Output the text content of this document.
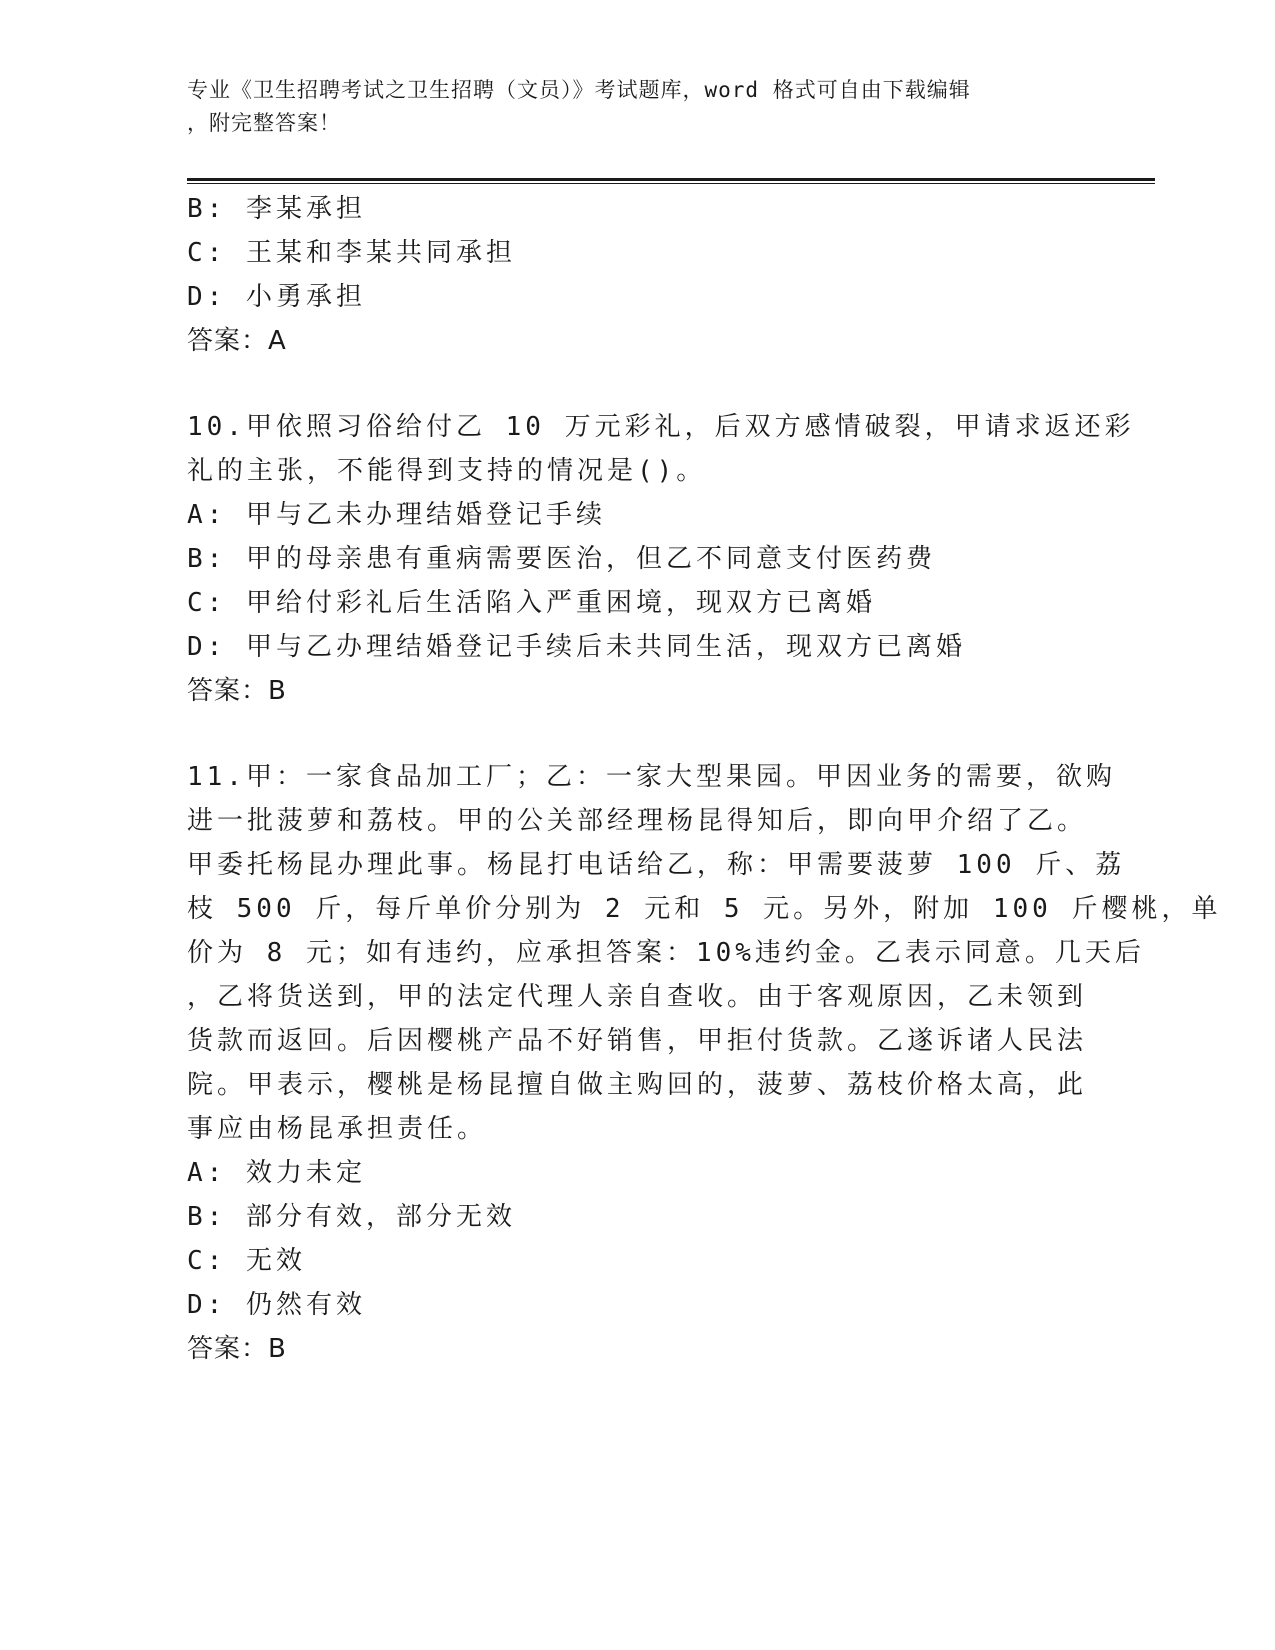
专业《卫生招聘考试之卫生招聘（文员）》考试题库，word 格式可自由下载编辑
，附完整答案！
B: 李某承担
C: 王某和李某共同承担
D: 小勇承担
答案：A
10.甲依照习俗给付乙 10 万元彩礼，后双方感情破裂，甲请求返还彩
礼的主张，不能得到支持的情况是()。
A: 甲与乙未办理结婚登记手续
B: 甲的母亲患有重病需要医治，但乙不同意支付医药费
C: 甲给付彩礼后生活陷入严重困境，现双方已离婚
D: 甲与乙办理结婚登记手续后未共同生活，现双方已离婚
答案：B
11.甲：一家食品加工厂；乙：一家大型果园。甲因业务的需要，欲购
进一批菠萝和荔枝。甲的公关部经理杨昆得知后，即向甲介绍了乙。
甲委托杨昆办理此事。杨昆打电话给乙，称：甲需要菠萝 100 斤、荔
枝 500 斤，每斤单价分别为 2 元和 5 元。另外，附加 100 斤樱桃，单
价为 8 元；如有违约，应承担答案：10%违约金。乙表示同意。几天后
，乙将货送到，甲的法定代理人亲自查收。由于客观原因，乙未领到
货款而返回。后因樱桃产品不好销售，甲拒付货款。乙遂诉诸人民法
院。甲表示，樱桃是杨昆擅自做主购回的，菠萝、荔枝价格太高，此
事应由杨昆承担责任。
A: 效力未定
B: 部分有效，部分无效
C: 无效
D: 仍然有效
答案：B
